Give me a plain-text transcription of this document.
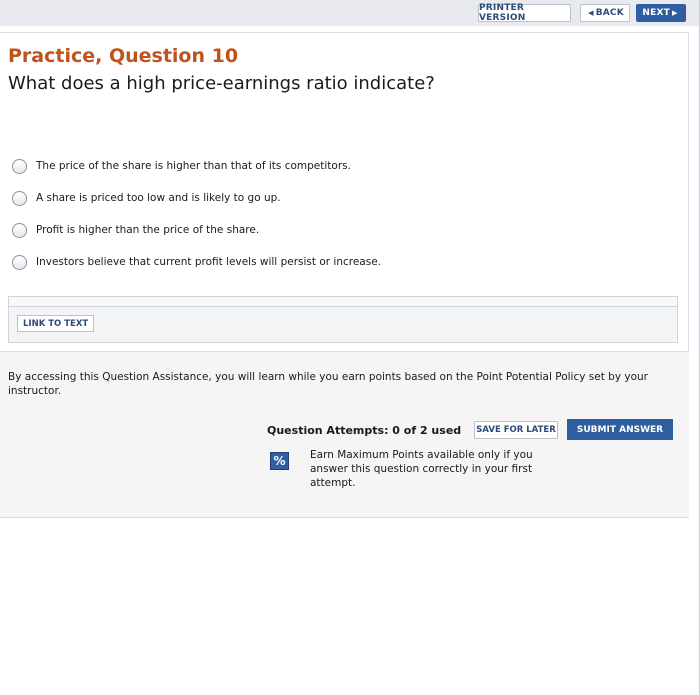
PRINTER VERSION	◀ BACK NEXT ▶
Practice, Question 10
What does a high price-earnings ratio indicate?
The price of the share is higher than that of its competitors.
A share is priced too low and is likely to go up.
Profit is higher than the price of the share.
Investors believe that current profit levels will persist or increase.
LINK TO TEXT
By accessing this Question Assistance, you will learn while you earn points based on the Point Potential Policy set by your instructor.
Question Attempts: 0 of 2 used SAVE FOR LATER	SUBMIT ANSWER
%	Earn Maximum Points available only if you answer this question correctly in your first attempt.
